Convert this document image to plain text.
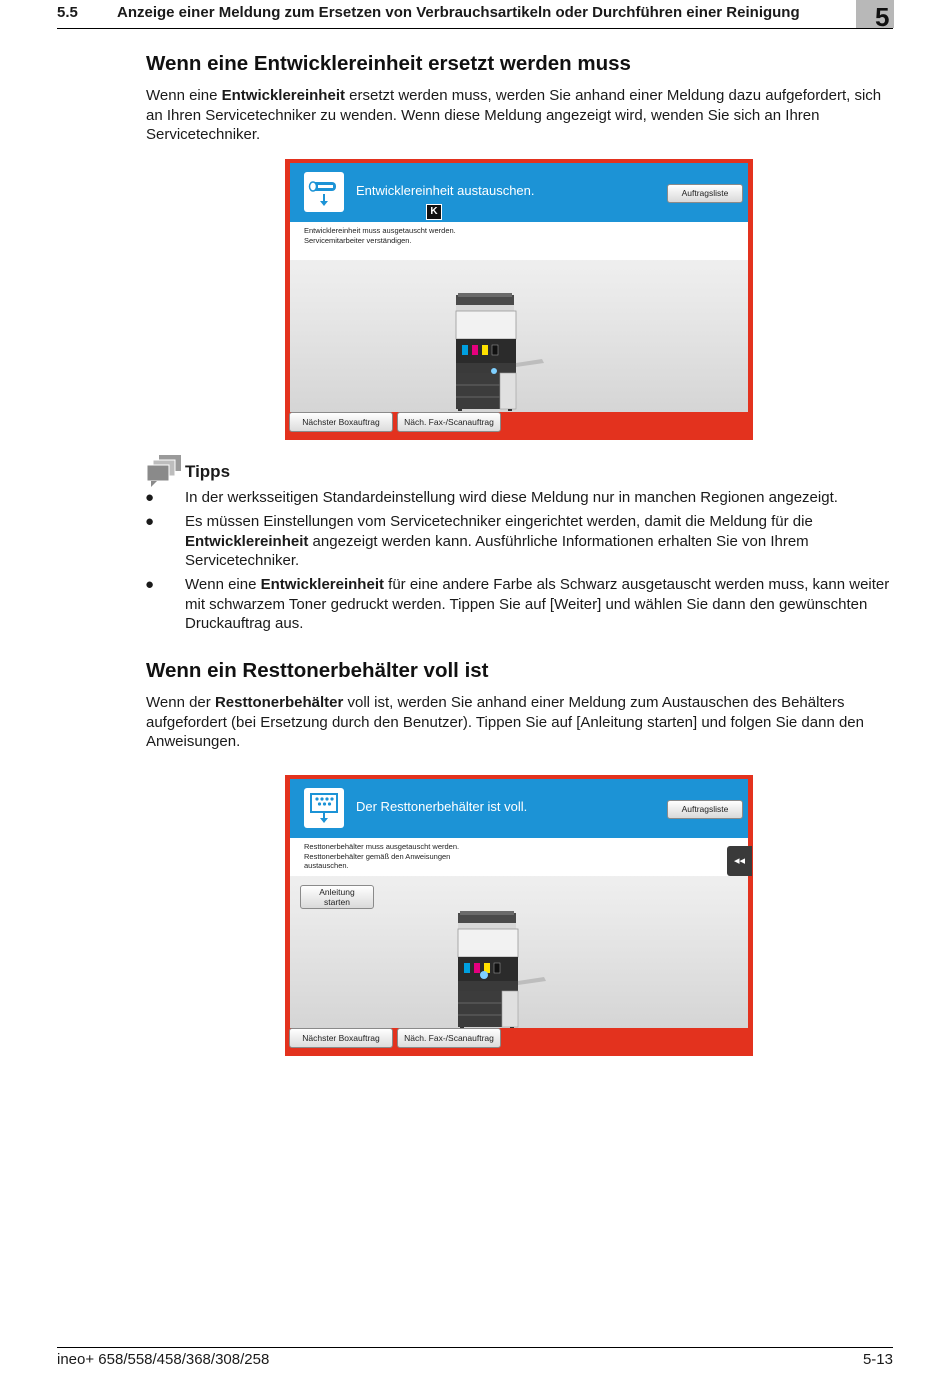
5.5	Anzeige einer Meldung zum Ersetzen von Verbrauchsartikeln oder Durchführen einer Reinigung	5
Wenn eine Entwicklereinheit ersetzt werden muss

Wenn eine Entwicklereinheit ersetzt werden muss, werden Sie anhand einer Meldung dazu aufgefordert, sich an Ihren Servicetechniker zu wenden. Wenn diese Meldung angezeigt wird, wenden Sie sich an Ihren Servicetechniker.

Entwicklereinheit austauschen.	Auftragsliste
K
Entwicklereinheit muss ausgetauscht werden.
Servicemitarbeiter verständigen.
Nächster Boxauftrag	Näch. Fax-/Scanauftrag
Tipps
● In der werksseitigen Standardeinstellung wird diese Meldung nur in manchen Regionen angezeigt.
● Es müssen Einstellungen vom Servicetechniker eingerichtet werden, damit die Meldung für die Entwicklereinheit angezeigt werden kann. Ausführliche Informationen erhalten Sie von Ihrem Servicetechniker.
● Wenn eine Entwicklereinheit für eine andere Farbe als Schwarz ausgetauscht werden muss, kann weiter mit schwarzem Toner gedruckt werden. Tippen Sie auf [Weiter] und wählen Sie dann den gewünschten Druckauftrag aus.
Wenn ein Resttonerbehälter voll ist

Wenn der Resttonerbehälter voll ist, werden Sie anhand einer Meldung zum Austauschen des Behälters aufgefordert (bei Ersetzung durch den Benutzer). Tippen Sie auf [Anleitung starten] und folgen Sie dann den Anweisungen.

Der Resttonerbehälter ist voll.	Auftragsliste
Resttonerbehälter muss ausgetauscht werden.
Resttonerbehälter gemäß den Anweisungen
austauschen.
Anleitung
starten
Nächster Boxauftrag	Näch. Fax-/Scanauftrag
◂◂
ineo+ 658/558/458/368/308/258	5-13
